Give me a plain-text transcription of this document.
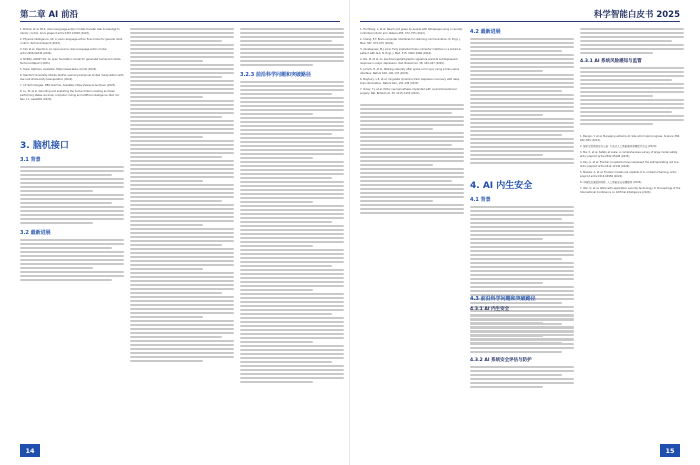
第二章 AI 前沿
1. Brohan et al. RT-2: Vision-language-action models transfer web knowledge to robotic control. Arxiv preprint arXiv:2307.15818 (2023).
2. Physical Intelligence. π0: A vision-language-action flow model for general robot control. Technical Report (2024).
3. Kim et al. OpenVLA: An open-source vision-language-action model. arXiv:2406.09246 (2024).
4. NVIDIA. GR00T N1: An open foundation model for generalist humanoid robots. Technical Report (2025).
5. Tesla. Optimus. Available: https://www.tesla.com/AI (2024).
6. Stanford University. Mobile ALOHA: Learning bimanual mobile manipulation with low-cost whole-body teleoperation (2024).
7. 1X Technologies. NEO Gamma. Available: https://www.1x.tech/neo (2025).
8. Lu, W. et al. Decoding and exploiting the human brain's reading and task-performing states via brain computer coding and artificial intelligence. Nat. Sci. Rev. 11, nwae081 (2024).
3. 脑机接口
3.1 背景
3.2 最新进展
3.2.3 前沿科学问题和突破路径
14
科学智能白皮书 2025
1. Hochberg, L. et al. Reach and grasp by people with tetraplegia using a neurally controlled robotic arm. Nature 485, 372–375 (2012).
2. Chang, E.F. Brain-computer interfaces for restoring communication. N. Engl. J. Med. 387, 673–675 (2022).
3. Vansteensel, M.J. et al. Fully implanted brain-computer interface in a locked-in patient with ALS. N. Engl. J. Med. 375, 2060–2066 (2016).
4. Wu, W. et al. An electroencephalographic signature predicts antidepressant response in major depression. Nat. Biotechnol. 38, 439–447 (2020).
5. Lorach, H. et al. Walking naturally after spinal cord injury using a brain-spine interface. Nature 618, 126–133 (2023).
6. Maybury, L.E. et al. Cingulate dynamics track depression recovery with deep brain stimulation. Nature 622, 130–138 (2023).
7. Oxley, T.J. et al. Motor neuroprosthesis implanted with neurointerventional surgery. Nat. Biotechnol. 39, 1215–1219 (2021).
4.2 最新进展
4. AI 内生安全
4.1 背景
4.3.1 AI 系统风险感知与监管
1. Bengio, Y. et al. Managing extreme AI risks amid rapid progress. Science 384, 842–845 (2024).
2. 国家互联网信息办公室. 生成式人工智能服务管理暂行办法 (2023).
3. Ma, X. et al. Safety at scale: A comprehensive survey of large model safety. arXiv preprint arXiv:2502.05206 (2025).
4. Pan, X. et al. Frontier AI systems have surpassed the self-replicating red line. arXiv preprint arXiv:2412.12140 (2024).
5. Meinke, A. et al. Frontier models are capable of in-context scheming. arXiv preprint arXiv:2412.04984 (2024).
6. 中国信息通信研究院. 人工智能安全治理框架 (2024).
7. Wei, Q. et al. Wikis with application security technology. In Proceedings of the International Conference on Artificial Intelligence (2024).
4.3 前沿科学问题和突破路径
4.3.1 AI 内生安全
4.3.2 AI 系统安全评估与防护
15
